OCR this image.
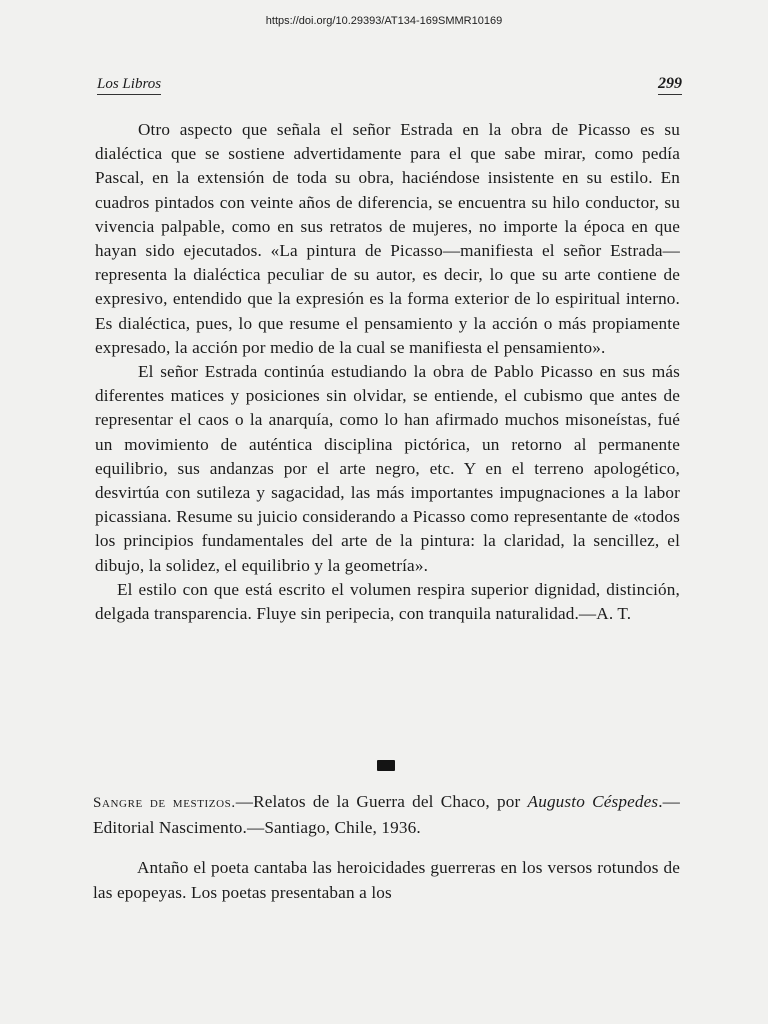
https://doi.org/10.29393/AT134-169SMMR10169
Los Libros	299

Otro aspecto que señala el señor Estrada en la obra de Picasso es su dialéctica que se sostiene advertidamente para el que sabe mirar, como pedía Pascal, en la extensión de toda su obra, haciéndose insistente en su estilo. En cuadros pintados con veinte años de diferencia, se encuentra su hilo conductor, su vivencia palpable, como en sus retratos de mujeres, no importe la época en que hayan sido ejecutados. «La pintura de Picasso—manifiesta el señor Estrada—representa la dialéctica peculiar de su autor, es decir, lo que su arte contiene de expresivo, entendido que la expresión es la forma exterior de lo espiritual interno. Es dialéctica, pues, lo que resume el pensamiento y la acción o más propiamente expresado, la acción por medio de la cual se manifiesta el pensamiento».

El señor Estrada continúa estudiando la obra de Pablo Picasso en sus más diferentes matices y posiciones sin olvidar, se entiende, el cubismo que antes de representar el caos o la anarquía, como lo han afirmado muchos misoneístas, fué un movimiento de auténtica disciplina pictórica, un retorno al permanente equilibrio, sus andanzas por el arte negro, etc. Y en el terreno apologético, desvirtúa con sutileza y sagacidad, las más importantes impugnaciones a la labor picassiana. Resume su juicio considerando a Picasso como representante de «todos los principios fundamentales del arte de la pintura: la claridad, la sencillez, el dibujo, la solidez, el equilibrio y la geometría».

El estilo con que está escrito el volumen respira superior dignidad, distinción, delgada transparencia. Fluye sin peripecia, con tranquila naturalidad.—A. T.

Sangre de mestizos.—Relatos de la Guerra del Chaco, por Augusto Céspedes.—Editorial Nascimento.—Santiago, Chile, 1936.

Antaño el poeta cantaba las heroicidades guerreras en los versos rotundos de las epopeyas. Los poetas presentaban a los
